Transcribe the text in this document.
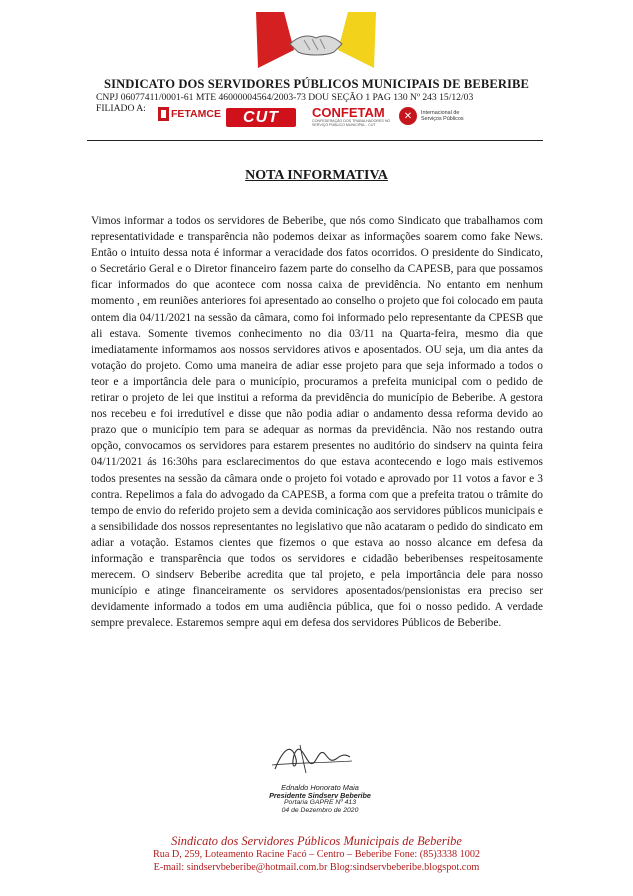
SINDICATO DOS SERVIDORES PÚBLICOS MUNICIPAIS DE BEBERIBE
CNPJ 06077411/0001-61 MTE 46000004564/2003-73 DOU SEÇÃO 1 PAG 130 Nº 243 15/12/03
FILIADO A: FETAMCE CUT	CONFETAM
CONFEDERAÇÃO DOS TRABALHADORES NO SERVIÇO PÚBLICO MUNICIPAL - CUT
✕	Internacional de Serviços Públicos
NOTA INFORMATIVA

Vimos informar a todos os servidores de Beberibe, que nós como Sindicato que trabalhamos com representatividade e transparência não podemos deixar as informações soarem como fake News. Então o intuito dessa nota é informar a veracidade dos fatos ocorridos. O presidente do Sindicato, o Secretário Geral e o Diretor financeiro fazem parte do conselho da CAPESB, para que possamos ficar informados do que acontece com nossa caixa de previdência. No entanto em nenhum momento , em reuniões anteriores foi apresentado ao conselho o projeto que foi colocado em pauta ontem dia 04/11/2021 na sessão da câmara, como foi informado pelo representante da CPESB que ali estava. Somente tivemos conhecimento no dia 03/11 na Quarta-feira, mesmo dia que imediatamente informamos aos nossos servidores ativos e aposentados. OU seja, um dia antes da votação do projeto. Como uma maneira de adiar esse projeto para que seja informado a todos o teor e a importância dele para o município, procuramos a prefeita municipal com o pedido de retirar o projeto de lei que institui a reforma da previdência do município de Beberibe. A gestora nos recebeu e foi irredutível e disse que não podia adiar o andamento dessa reforma devido ao prazo que o município tem para se adequar as normas da previdência. Não nos restando outra opção, convocamos os servidores para estarem presentes no auditório do sindserv na quinta feira 04/11/2021 ás 16:30hs para esclarecimentos do que estava acontecendo e logo mais estivemos todos presentes na sessão da câmara onde o projeto foi votado e aprovado por 11 votos a favor e 3 contra. Repelimos a fala do advogado da CAPESB, a forma com que a prefeita tratou o trâmite do tempo de envio do referido projeto sem a devida cominicação aos servidores públicos municipais e a sensibilidade dos nossos representantes no legislativo que não acataram o pedido do sindicato em adiar a votação. Estamos cientes que fizemos o que estava ao nosso alcance em defesa da informação e transparência que todos os servidores e cidadão beberibenses respeitosamente merecem. O sindserv Beberibe acredita que tal projeto, e pela importância dele para nosso município e atinge financeiramente os servidores aposentados/pensionistas era preciso ser devidamente informado a todos em uma audiência pública, que foi o nosso pedido. A verdade sempre prevalece. Estaremos sempre aqui em defesa dos servidores Públicos de Beberibe.

Ednaldo Honorato Maia
Presidente Sindserv Beberibe
Portaria GAPRE Nº 413
04 de Dezembro de 2020
Sindicato dos Servidores Públicos Municipais de Beberibe
Rua D, 259, Loteamento Racine Facó – Centro – Beberibe Fone: (85)3338 1002
E-mail: sindservbeberibe@hotmail.com.br Blog:sindservbeberibe.blogspot.com
